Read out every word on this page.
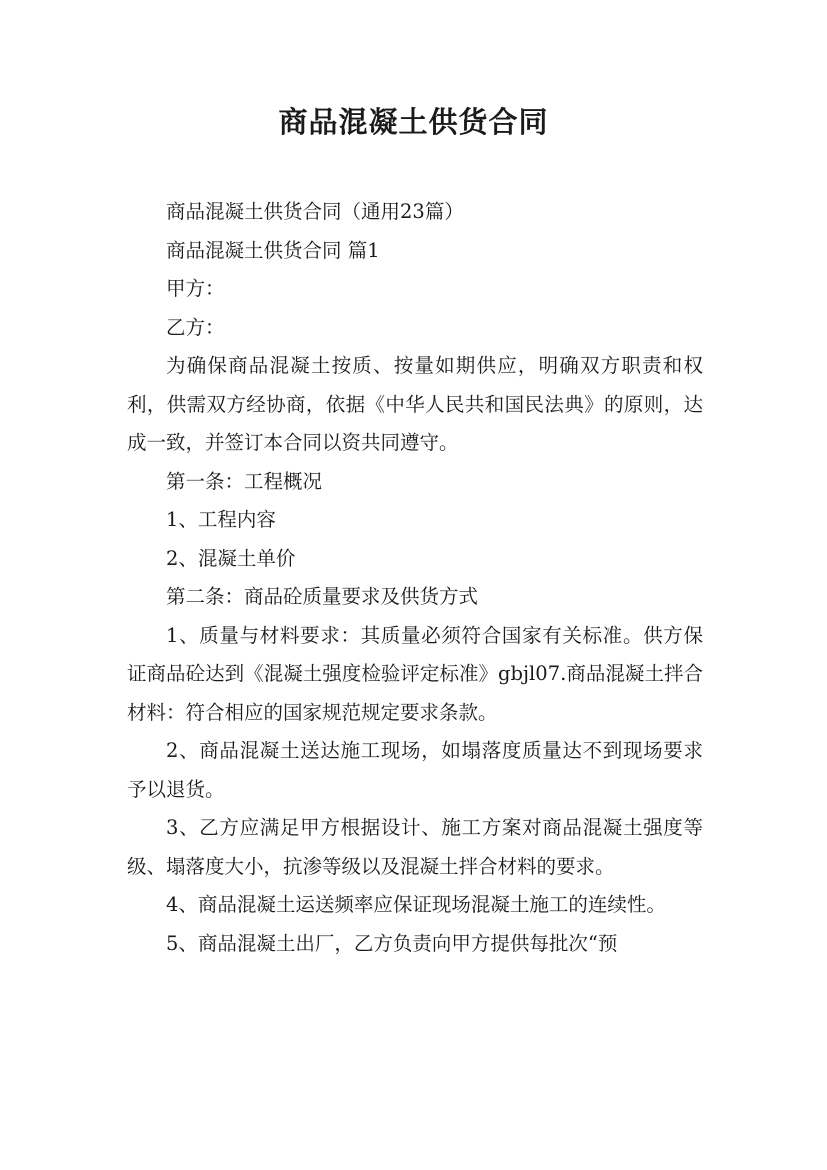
商品混凝土供货合同

商品混凝土供货合同（通用23篇）

商品混凝土供货合同 篇1

甲方：

乙方：

为确保商品混凝土按质、按量如期供应，明确双方职责和权利，供需双方经协商，依据《中华人民共和国民法典》的原则，达成一致，并签订本合同以资共同遵守。

第一条：工程概况

1、工程内容

2、混凝土单价

第二条：商品砼质量要求及供货方式

1、质量与材料要求：其质量必须符合国家有关标准。供方保证商品砼达到《混凝土强度检验评定标准》gbjl07.商品混凝土拌合材料：符合相应的国家规范规定要求条款。

2、商品混凝土送达施工现场，如塌落度质量达不到现场要求予以退货。

3、乙方应满足甲方根据设计、施工方案对商品混凝土强度等级、塌落度大小，抗渗等级以及混凝土拌合材料的要求。

4、商品混凝土运送频率应保证现场混凝土施工的连续性。

5、商品混凝土出厂，乙方负责向甲方提供每批次“预
